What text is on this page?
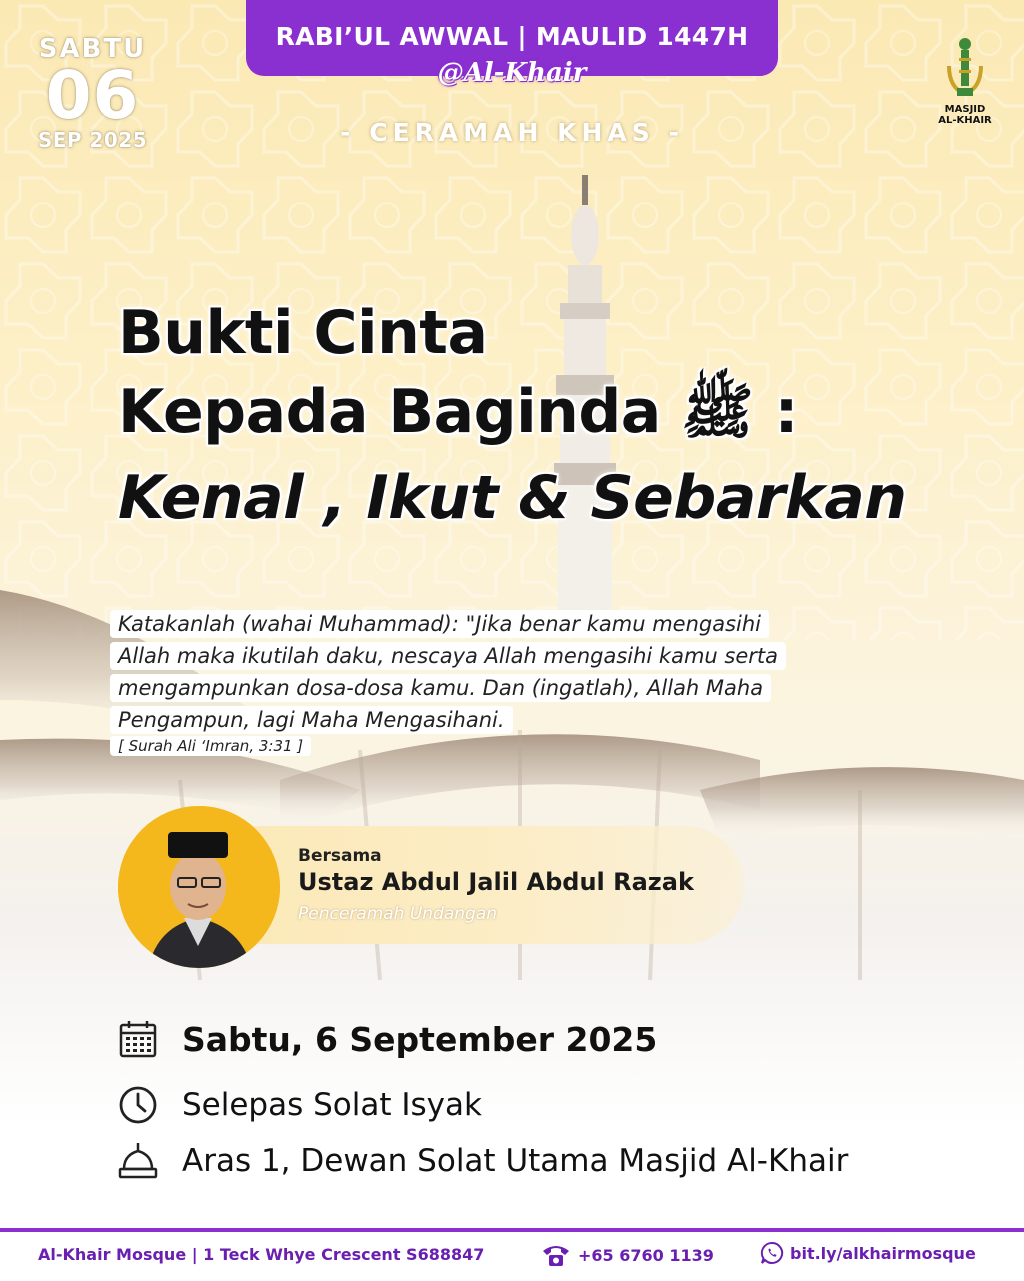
SABTU
06
SEP 2025
RABI’UL AWWAL | MAULID 1447H
@Al-Khair
- CERAMAH KHAS -
MASJID
AL-KHAIR
Bukti Cinta
Kepada Baginda ﷺ :
Kenal , Ikut & Sebarkan
Katakanlah (wahai Muhammad): "Jika benar kamu mengasihi
Allah maka ikutilah daku, nescaya Allah mengasihi kamu serta
mengampunkan dosa-dosa kamu. Dan (ingatlah), Allah Maha
Pengampun, lagi Maha Mengasihani.
[ Surah Ali ‘Imran, 3:31 ]
Bersama
Ustaz Abdul Jalil Abdul Razak
Penceramah Undangan
Sabtu, 6 September 2025
Selepas Solat Isyak
Aras 1, Dewan Solat Utama Masjid Al-Khair
Al-Khair Mosque | 1 Teck Whye Crescent S688847	+65 6760 1139	bit.ly/alkhairmosque
